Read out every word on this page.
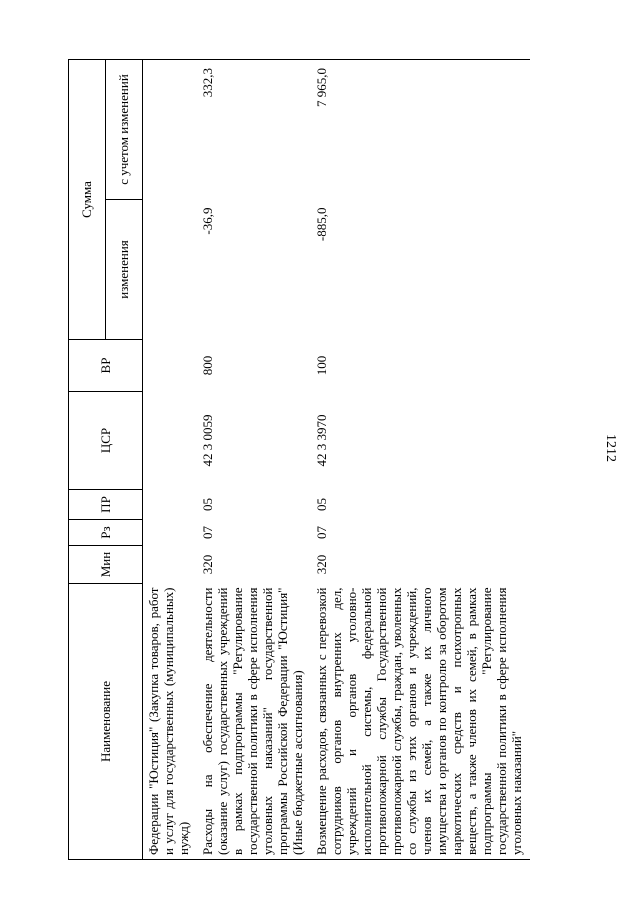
1212
Наименование	Мин	Рз	ПР	ЦСР	ВР	Сумма	
						изменения	с учетом изменений
Федерации "Юстиция" (Закупка товаров, работ и услуг для государственных (муниципальных) нужд)							
Расходы на обеспечение деятельности (оказание услуг) государственных учреждений в рамках подпрограммы "Регулирование государственной политики в сфере исполнения уголовных наказаний" государственной программы Российской Федерации "Юстиция" (Иные бюджетные ассигнования)	320	07	05	42 3 0059	800	-36,9	332,3
Возмещение расходов, связанных с перевозкой сотрудников органов внутренних дел, учреждений и органов уголовно-исполнительной системы, федеральной противопожарной службы Государственной противопожарной службы, граждан, уволенных со службы из этих органов и учреждений, членов их семей, а также их личного имущества и органов по контролю за оборотом наркотических средств и психотропных веществ, а также членов их семей, в рамках подпрограммы "Регулирование государственной политики в сфере исполнения уголовных наказаний"	320	07	05	42 3 3970	100	-885,0	7 965,0
